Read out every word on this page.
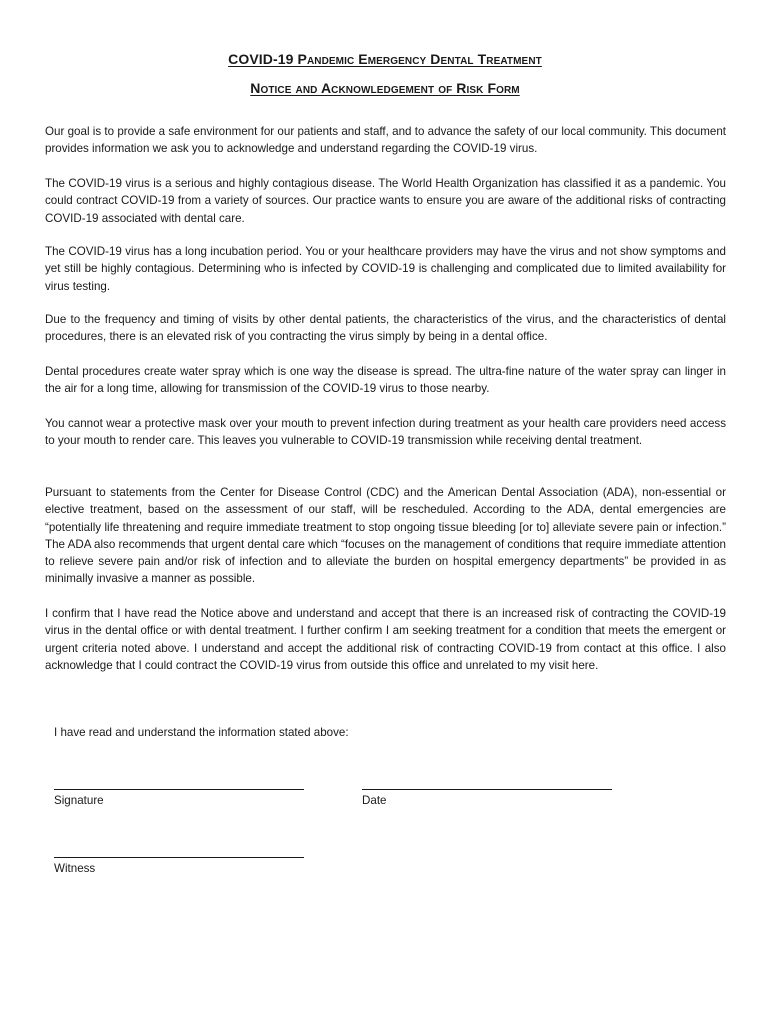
COVID-19 Pandemic Emergency Dental Treatment
Notice and Acknowledgement of Risk Form

Our goal is to provide a safe environment for our patients and staff, and to advance the safety of our local community. This document provides information we ask you to acknowledge and understand regarding the COVID-19 virus.

The COVID-19 virus is a serious and highly contagious disease. The World Health Organization has classified it as a pandemic. You could contract COVID-19 from a variety of sources. Our practice wants to ensure you are aware of the additional risks of contracting COVID-19 associated with dental care.

The COVID-19 virus has a long incubation period. You or your healthcare providers may have the virus and not show symptoms and yet still be highly contagious. Determining who is infected by COVID-19 is challenging and complicated due to limited availability for virus testing.

Due to the frequency and timing of visits by other dental patients, the characteristics of the virus, and the characteristics of dental procedures, there is an elevated risk of you contracting the virus simply by being in a dental office.

Dental procedures create water spray which is one way the disease is spread. The ultra-fine nature of the water spray can linger in the air for a long time, allowing for transmission of the COVID-19 virus to those nearby.

You cannot wear a protective mask over your mouth to prevent infection during treatment as your health care providers need access to your mouth to render care. This leaves you vulnerable to COVID-19 transmission while receiving dental treatment.

Pursuant to statements from the Center for Disease Control (CDC) and the American Dental Association (ADA), non-essential or elective treatment, based on the assessment of our staff, will be rescheduled. According to the ADA, dental emergencies are “potentially life threatening and require immediate treatment to stop ongoing tissue bleeding [or to] alleviate severe pain or infection.” The ADA also recommends that urgent dental care which “focuses on the management of conditions that require immediate attention to relieve severe pain and/or risk of infection and to alleviate the burden on hospital emergency departments” be provided in as minimally invasive a manner as possible.

I confirm that I have read the Notice above and understand and accept that there is an increased risk of contracting the COVID-19 virus in the dental office or with dental treatment. I further confirm I am seeking treatment for a condition that meets the emergent or urgent criteria noted above. I understand and accept the additional risk of contracting COVID-19 from contact at this office. I also acknowledge that I could contract the COVID-19 virus from outside this office and unrelated to my visit here.

I have read and understand the information stated above:

Signature	Date
Witness
